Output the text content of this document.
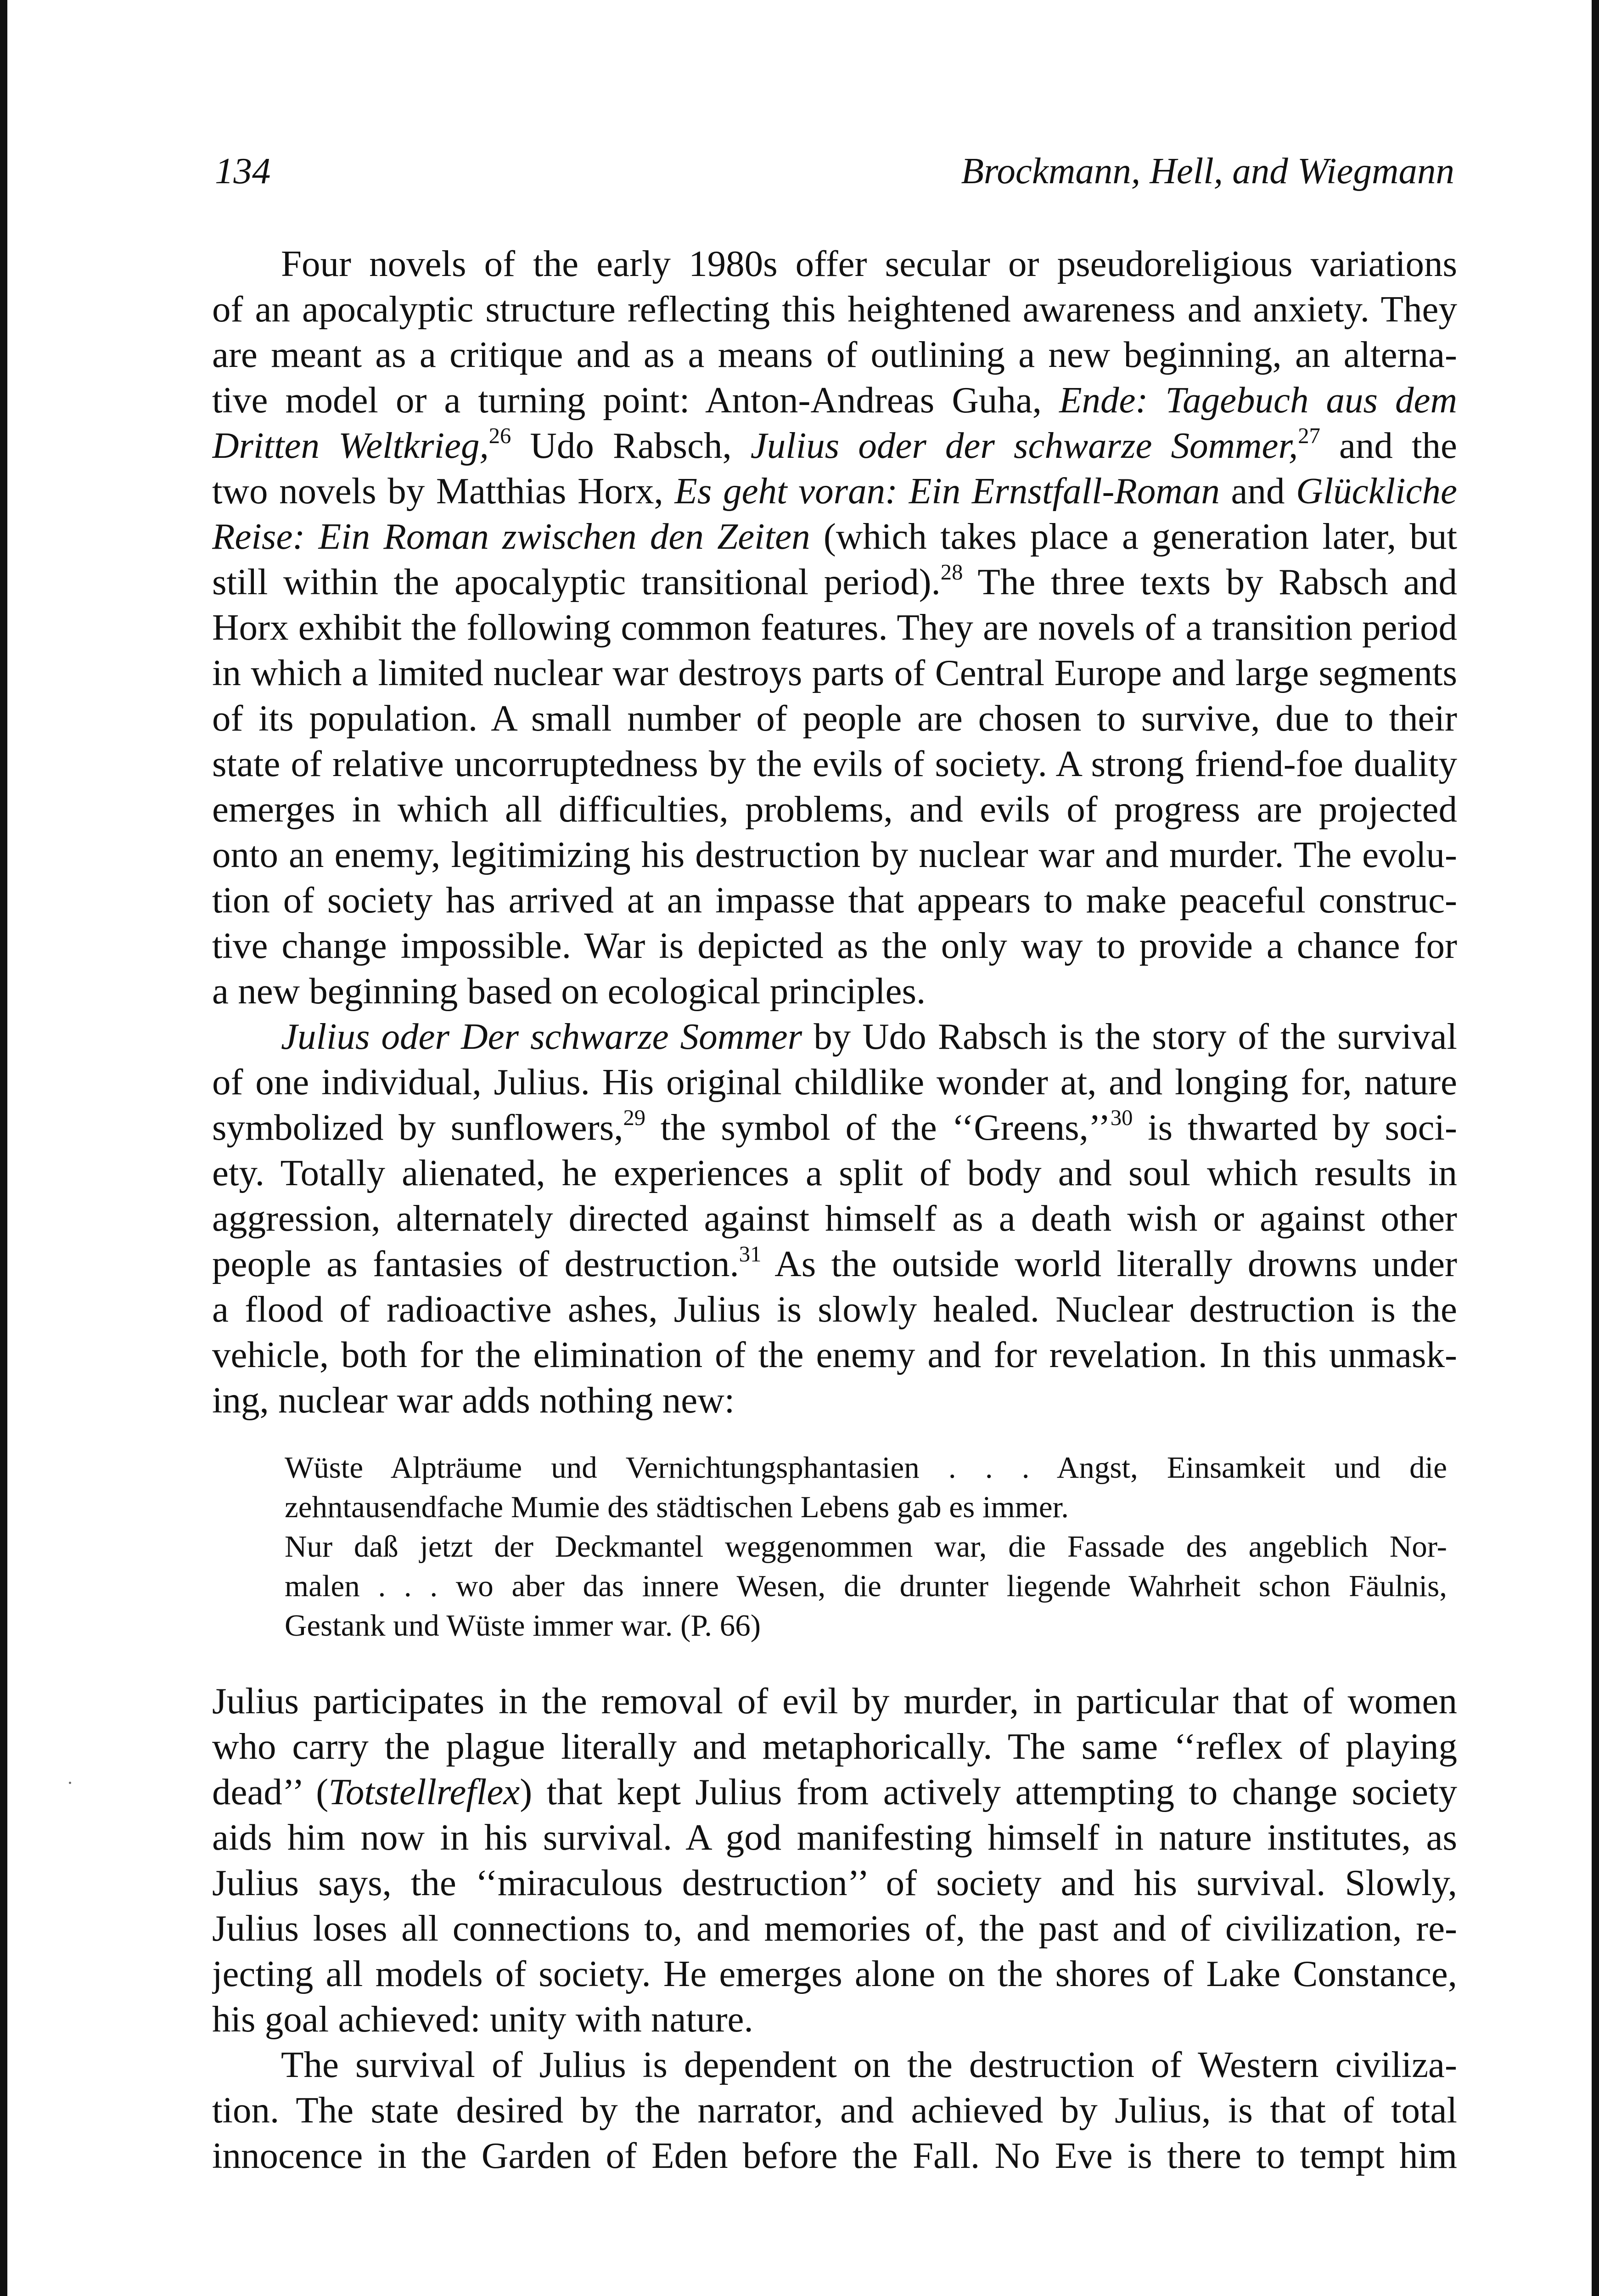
134	Brockmann, Hell, and Wiegmann
Four novels of the early 1980s offer secular or pseudoreligious variations
of an apocalyptic structure reflecting this heightened awareness and anxiety. They
are meant as a critique and as a means of outlining a new beginning, an alterna-
tive model or a turning point: Anton-Andreas Guha, Ende: Tagebuch aus dem
Dritten Weltkrieg,$^{26}$ Udo Rabsch, Julius oder der schwarze Sommer,$^{27}$ and the
two novels by Matthias Horx, Es geht voran: Ein Ernstfall-Roman and Glückliche
Reise: Ein Roman zwischen den Zeiten (which takes place a generation later, but
still within the apocalyptic transitional period).$^{28}$ The three texts by Rabsch and
Horx exhibit the following common features. They are novels of a transition period
in which a limited nuclear war destroys parts of Central Europe and large segments
of its population. A small number of people are chosen to survive, due to their
state of relative uncorruptedness by the evils of society. A strong friend-foe duality
emerges in which all difficulties, problems, and evils of progress are projected
onto an enemy, legitimizing his destruction by nuclear war and murder. The evolu-
tion of society has arrived at an impasse that appears to make peaceful construc-
tive change impossible. War is depicted as the only way to provide a chance for
a new beginning based on ecological principles.
Julius oder Der schwarze Sommer by Udo Rabsch is the story of the survival
of one individual, Julius. His original childlike wonder at, and longing for, nature
symbolized by sunflowers,$^{29}$ the symbol of the ‘‘Greens,’’$^{30}$ is thwarted by soci-
ety. Totally alienated, he experiences a split of body and soul which results in
aggression, alternately directed against himself as a death wish or against other
people as fantasies of destruction.$^{31}$ As the outside world literally drowns under
a flood of radioactive ashes, Julius is slowly healed. Nuclear destruction is the
vehicle, both for the elimination of the enemy and for revelation. In this unmask-
ing, nuclear war adds nothing new:
Wüste Alpträume und Vernichtungsphantasien . . . Angst, Einsamkeit und die
zehntausendfache Mumie des städtischen Lebens gab es immer.
Nur daß jetzt der Deckmantel weggenommen war, die Fassade des angeblich Nor-
malen . . . wo aber das innere Wesen, die drunter liegende Wahrheit schon Fäulnis,
Gestank und Wüste immer war. (P. 66)
Julius participates in the removal of evil by murder, in particular that of women
who carry the plague literally and metaphorically. The same ‘‘reflex of playing
dead’’ (Totstellreflex) that kept Julius from actively attempting to change society
aids him now in his survival. A god manifesting himself in nature institutes, as
Julius says, the ‘‘miraculous destruction’’ of society and his survival. Slowly,
Julius loses all connections to, and memories of, the past and of civilization, re-
jecting all models of society. He emerges alone on the shores of Lake Constance,
his goal achieved: unity with nature.
The survival of Julius is dependent on the destruction of Western civiliza-
tion. The state desired by the narrator, and achieved by Julius, is that of total
innocence in the Garden of Eden before the Fall. No Eve is there to tempt him
